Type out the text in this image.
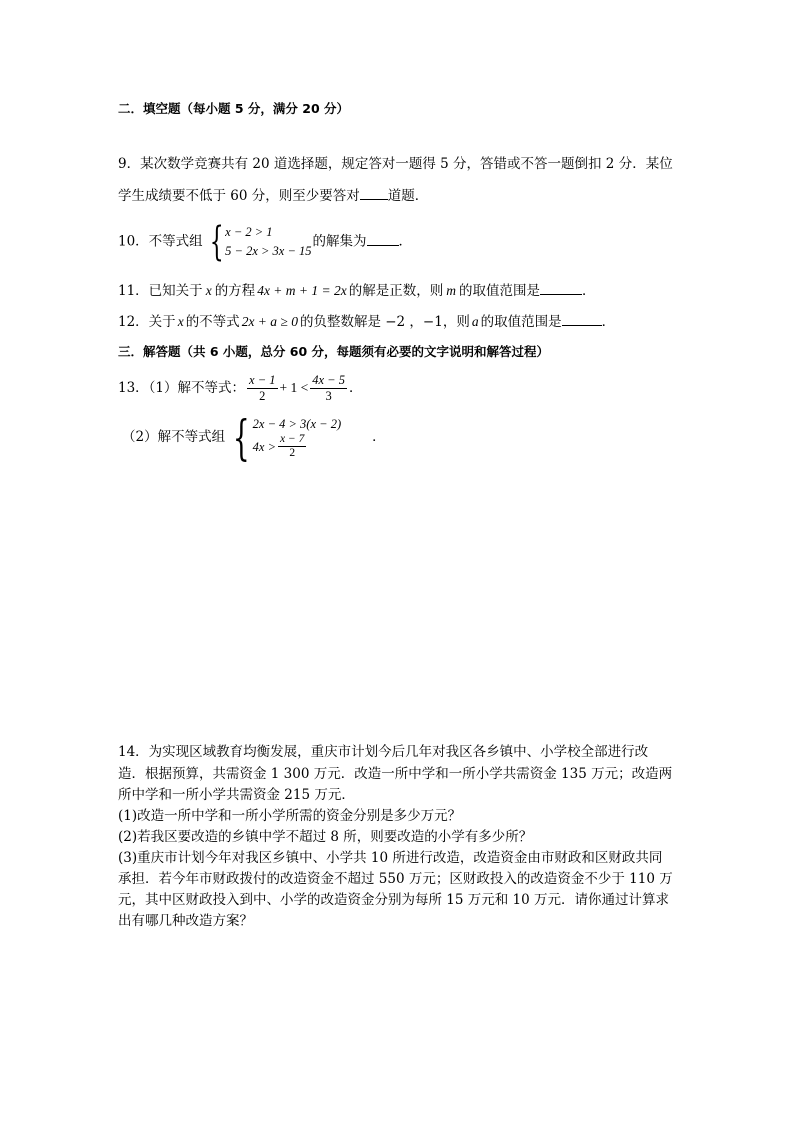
二．填空题（每小题 5 分，满分 20 分）
9．某次数学竞赛共有 20 道选择题，规定答对一题得 5 分，答错或不答一题倒扣 2 分．某位
学生成绩要不低于 60 分，则至少要答对 道题．
10．不等式组 { x − 2 > 1
5 − 2x > 3x − 15
的解集为 ．
11．已知关于 x 的方程 4x + m + 1 = 2x 的解是正数，则 m 的取值范围是	．
12．关于 x 的不等式 2x + a ≥ 0 的负整数解是 −2 ，−1，则 a 的取值范围是	．
三．解答题（共 6 小题，总分 60 分，每题须有必要的文字说明和解答过程）
13．（1）解不等式： $\frac{x - 1}{2} + 1 < \frac{4x - 5}{3}$ ．
（2）解不等式组 { 2x − 4 > 3(x − 2)
$4x > \frac{x - 7}{2}$	．
14．为实现区域教育均衡发展，重庆市计划今后几年对我区各乡镇中、小学校全部进行改
造．根据预算，共需资金 1 300 万元．改造一所中学和一所小学共需资金 135 万元；改造两
所中学和一所小学共需资金 215 万元．
(1)改造一所中学和一所小学所需的资金分别是多少万元？
(2)若我区要改造的乡镇中学不超过 8 所，则要改造的小学有多少所？
(3)重庆市计划今年对我区乡镇中、小学共 10 所进行改造，改造资金由市财政和区财政共同
承担．若今年市财政拨付的改造资金不超过 550 万元；区财政投入的改造资金不少于 110 万
元，其中区财政投入到中、小学的改造资金分别为每所 15 万元和 10 万元．请你通过计算求
出有哪几种改造方案？
